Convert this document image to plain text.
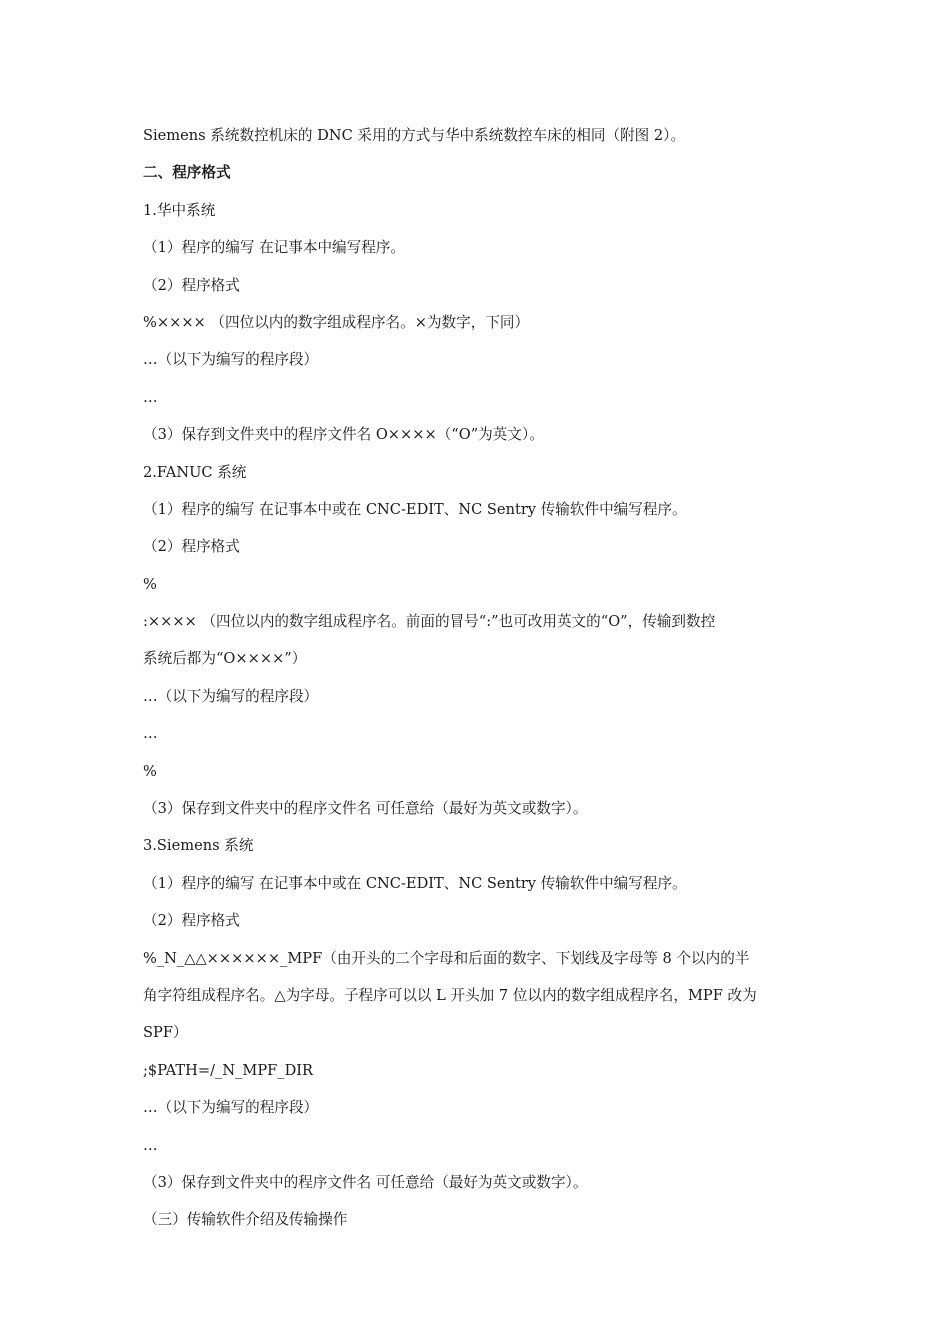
Siemens 系统数控机床的 DNC 采用的方式与华中系统数控车床的相同（附图 2）。
二、程序格式
1.华中系统
（1）程序的编写 在记事本中编写程序。
（2）程序格式
%×××× （四位以内的数字组成程序名。×为数字，下同）
…（以下为编写的程序段）
…
（3）保存到文件夹中的程序文件名 O××××（“O”为英文）。
2.FANUC 系统
（1）程序的编写 在记事本中或在 CNC-EDIT、NC Sentry 传输软件中编写程序。
（2）程序格式
%
:×××× （四位以内的数字组成程序名。前面的冒号“:”也可改用英文的“O”，传输到数控
系统后都为“O××××”）
…（以下为编写的程序段）
…
%
（3）保存到文件夹中的程序文件名 可任意给（最好为英文或数字）。
3.Siemens 系统
（1）程序的编写 在记事本中或在 CNC-EDIT、NC Sentry 传输软件中编写程序。
（2）程序格式
%_N_△△××××××_MPF（由开头的二个字母和后面的数字、下划线及字母等 8 个以内的半
角字符组成程序名。△为字母。子程序可以以 L 开头加 7 位以内的数字组成程序名，MPF 改为
SPF）
;$PATH=/_N_MPF_DIR
…（以下为编写的程序段）
…
（3）保存到文件夹中的程序文件名 可任意给（最好为英文或数字）。
（三）传输软件介绍及传输操作
